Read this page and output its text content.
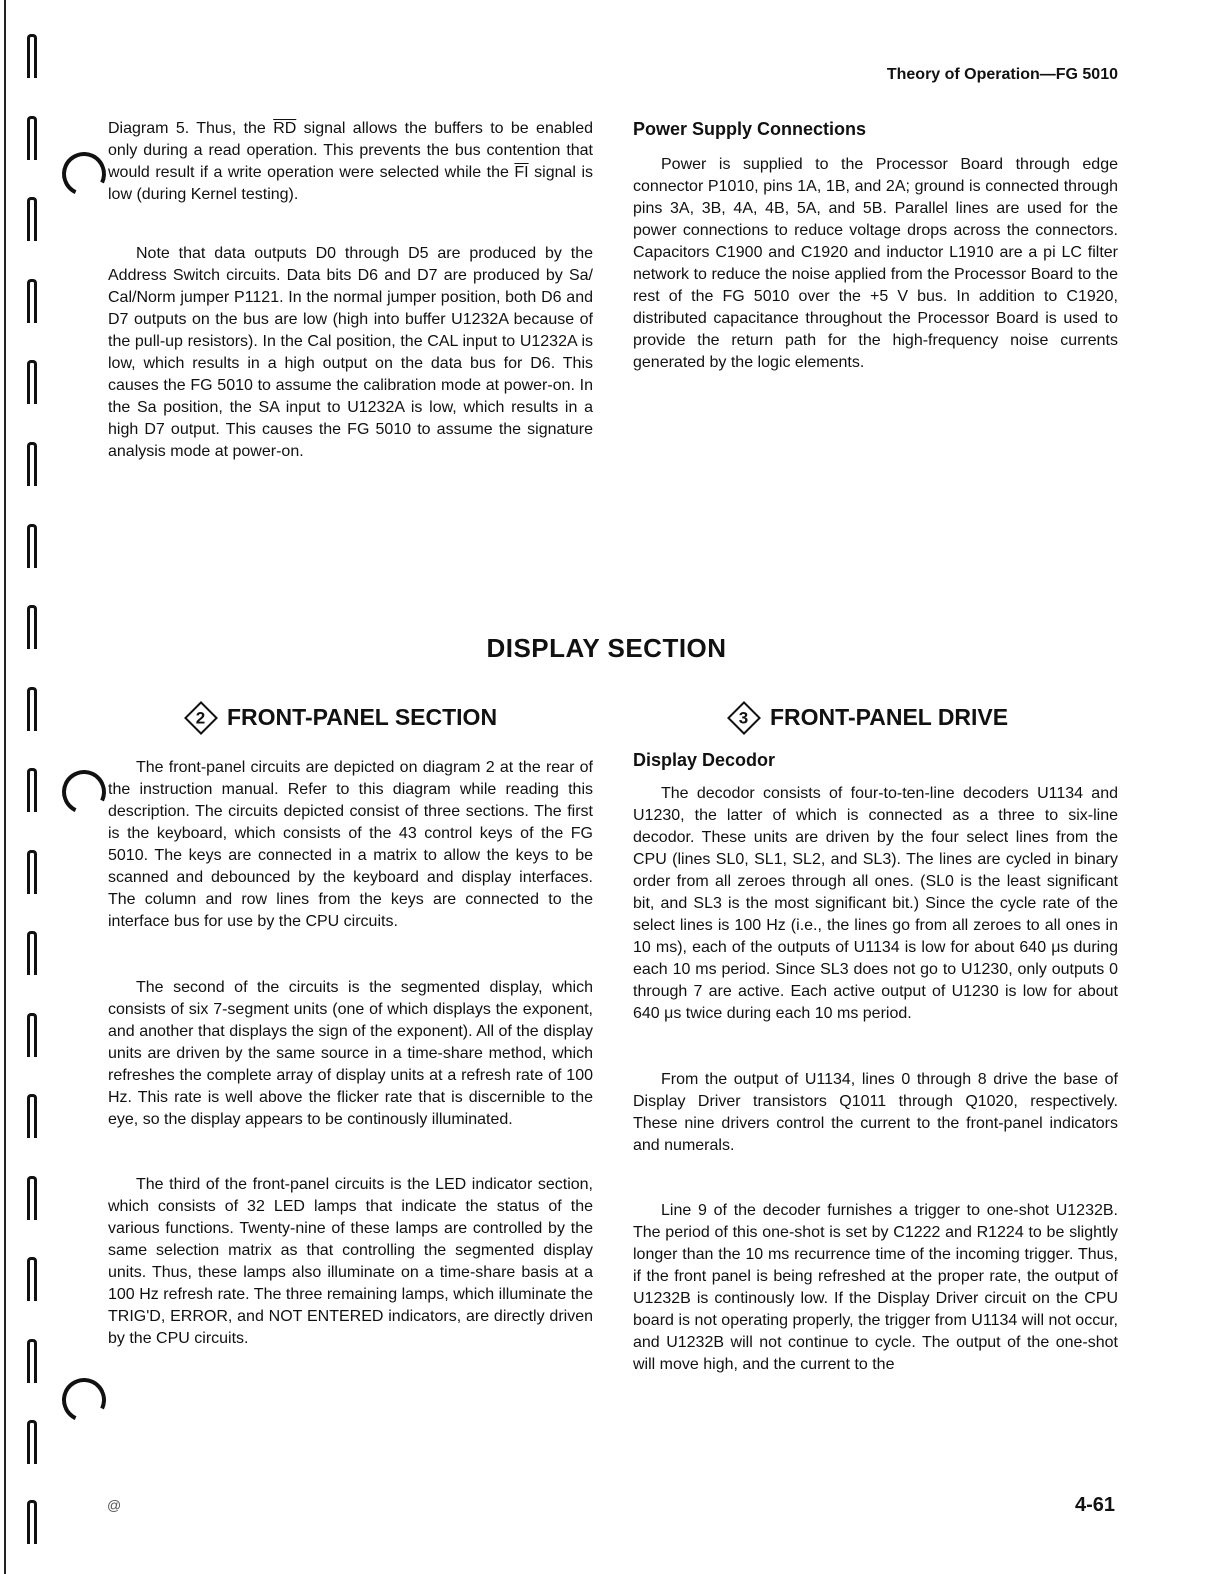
Theory of Operation—FG 5010

Diagram 5. Thus, the $\overline{RD}$ signal allows the buffers to be enabled only during a read operation. This prevents the bus contention that would result if a write operation were selected while the $\overline{FI}$ signal is low (during Kernel testing).

Note that data outputs D0 through D5 are produced by the Address Switch circuits. Data bits D6 and D7 are produced by Sa/ Cal/Norm jumper P1121. In the normal jumper position, both D6 and D7 outputs on the bus are low (high into buffer U1232A because of the pull-up resistors). In the Cal position, the CAL input to U1232A is low, which results in a high output on the data bus for D6. This causes the FG 5010 to assume the calibration mode at power-on. In the Sa position, the SA input to U1232A is low, which results in a high D7 output. This causes the FG 5010 to assume the signature analysis mode at power-on.

Power Supply Connections

Power is supplied to the Processor Board through edge connector P1010, pins 1A, 1B, and 2A; ground is connected through pins 3A, 3B, 4A, 4B, 5A, and 5B. Parallel lines are used for the power connections to reduce voltage drops across the connectors. Capacitors C1900 and C1920 and inductor L1910 are a pi LC filter network to reduce the noise applied from the Processor Board to the rest of the FG 5010 over the +5 V bus. In addition to C1920, distributed capacitance throughout the Processor Board is used to provide the return path for the high-frequency noise currents generated by the logic elements.

DISPLAY SECTION
2 FRONT-PANEL SECTION	3 FRONT-PANEL DRIVE

The front-panel circuits are depicted on diagram 2 at the rear of the instruction manual. Refer to this diagram while reading this description. The circuits depicted consist of three sections. The first is the keyboard, which consists of the 43 control keys of the FG 5010. The keys are connected in a matrix to allow the keys to be scanned and debounced by the keyboard and display interfaces. The column and row lines from the keys are connected to the interface bus for use by the CPU circuits.

The second of the circuits is the segmented display, which consists of six 7-segment units (one of which displays the exponent, and another that displays the sign of the exponent). All of the display units are driven by the same source in a time-share method, which refreshes the complete array of display units at a refresh rate of 100 Hz. This rate is well above the flicker rate that is discernible to the eye, so the display appears to be continously illuminated.

The third of the front-panel circuits is the LED indicator section, which consists of 32 LED lamps that indicate the status of the various functions. Twenty-nine of these lamps are controlled by the same selection matrix as that controlling the segmented display units. Thus, these lamps also illuminate on a time-share basis at a 100 Hz refresh rate. The three remaining lamps, which illuminate the TRIG'D, ERROR, and NOT ENTERED indicators, are directly driven by the CPU circuits.

Display Decodor

The decodor consists of four-to-ten-line decoders U1134 and U1230, the latter of which is connected as a three to six-line decodor. These units are driven by the four select lines from the CPU (lines SL0, SL1, SL2, and SL3). The lines are cycled in binary order from all zeroes through all ones. (SL0 is the least significant bit, and SL3 is the most significant bit.) Since the cycle rate of the select lines is 100 Hz (i.e., the lines go from all zeroes to all ones in 10 ms), each of the outputs of U1134 is low for about 640 μs during each 10 ms period. Since SL3 does not go to U1230, only outputs 0 through 7 are active. Each active output of U1230 is low for about 640 μs twice during each 10 ms period.

From the output of U1134, lines 0 through 8 drive the base of Display Driver transistors Q1011 through Q1020, respectively. These nine drivers control the current to the front-panel indicators and numerals.

Line 9 of the decoder furnishes a trigger to one-shot U1232B. The period of this one-shot is set by C1222 and R1224 to be slightly longer than the 10 ms recurrence time of the incoming trigger. Thus, if the front panel is being refreshed at the proper rate, the output of U1232B is continously low. If the Display Driver circuit on the CPU board is not operating properly, the trigger from U1134 will not occur, and U1232B will not continue to cycle. The output of the one-shot will move high, and the current to the

@	4-61
